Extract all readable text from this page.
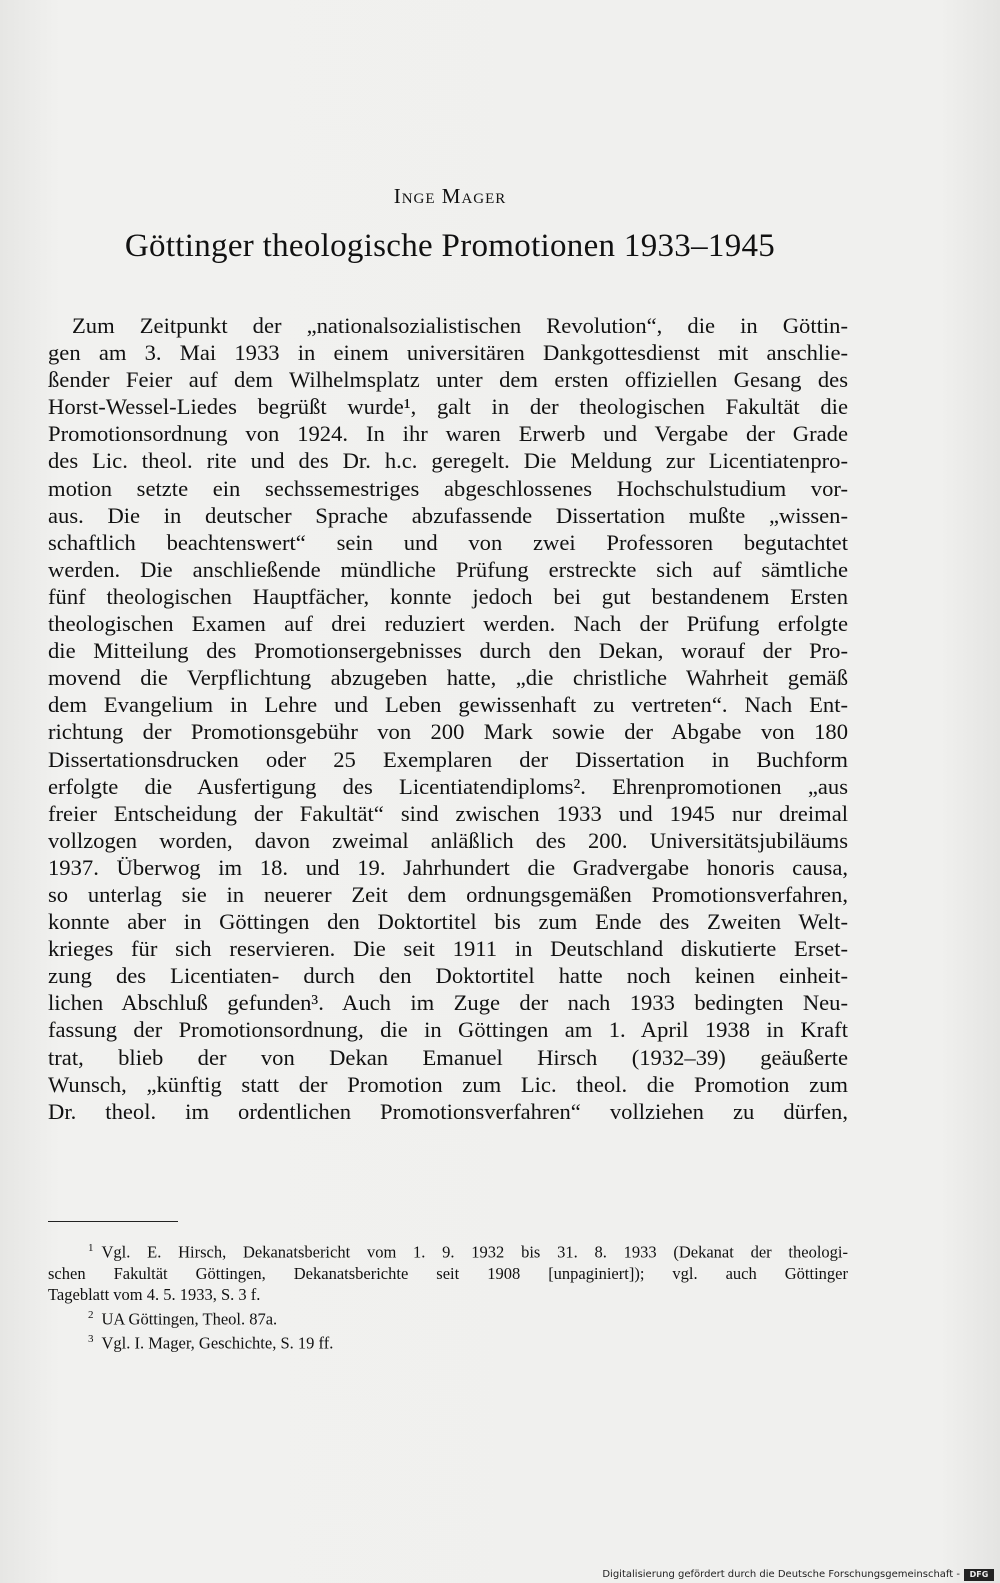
Inge Mager
Göttinger theologische Promotionen 1933–1945
Zum Zeitpunkt der „nationalsozialistischen Revolution“, die in Göttin-
gen am 3. Mai 1933 in einem universitären Dankgottesdienst mit anschlie-
ßender Feier auf dem Wilhelmsplatz unter dem ersten offiziellen Gesang des
Horst-Wessel-Liedes begrüßt wurde¹, galt in der theologischen Fakultät die
Promotionsordnung von 1924. In ihr waren Erwerb und Vergabe der Grade
des Lic. theol. rite und des Dr. h.c. geregelt. Die Meldung zur Licentiatenpro-
motion setzte ein sechssemestriges abgeschlossenes Hochschulstudium vor-
aus. Die in deutscher Sprache abzufassende Dissertation mußte „wissen-
schaftlich beachtenswert“ sein und von zwei Professoren begutachtet
werden. Die anschließende mündliche Prüfung erstreckte sich auf sämtliche
fünf theologischen Hauptfächer, konnte jedoch bei gut bestandenem Ersten
theologischen Examen auf drei reduziert werden. Nach der Prüfung erfolgte
die Mitteilung des Promotionsergebnisses durch den Dekan, worauf der Pro-
movend die Verpflichtung abzugeben hatte, „die christliche Wahrheit gemäß
dem Evangelium in Lehre und Leben gewissenhaft zu vertreten“. Nach Ent-
richtung der Promotionsgebühr von 200 Mark sowie der Abgabe von 180
Dissertationsdrucken oder 25 Exemplaren der Dissertation in Buchform
erfolgte die Ausfertigung des Licentiatendiploms². Ehrenpromotionen „aus
freier Entscheidung der Fakultät“ sind zwischen 1933 und 1945 nur dreimal
vollzogen worden, davon zweimal anläßlich des 200. Universitätsjubiläums
1937. Überwog im 18. und 19. Jahrhundert die Gradvergabe honoris causa,
so unterlag sie in neuerer Zeit dem ordnungsgemäßen Promotionsverfahren,
konnte aber in Göttingen den Doktortitel bis zum Ende des Zweiten Welt-
krieges für sich reservieren. Die seit 1911 in Deutschland diskutierte Erset-
zung des Licentiaten- durch den Doktortitel hatte noch keinen einheit-
lichen Abschluß gefunden³. Auch im Zuge der nach 1933 bedingten Neu-
fassung der Promotionsordnung, die in Göttingen am 1. April 1938 in Kraft
trat, blieb der von Dekan Emanuel Hirsch (1932–39) geäußerte
Wunsch, „künftig statt der Promotion zum Lic. theol. die Promotion zum
Dr. theol. im ordentlichen Promotionsverfahren“ vollziehen zu dürfen,
$^1$ Vgl. E. Hirsch, Dekanatsbericht vom 1. 9. 1932 bis 31. 8. 1933 (Dekanat der theologi-
schen Fakultät Göttingen, Dekanatsberichte seit 1908 [unpaginiert]); vgl. auch Göttinger
Tageblatt vom 4. 5. 1933, S. 3 f.
$^2$ UA Göttingen, Theol. 87a.
$^3$ Vgl. I. Mager, Geschichte, S. 19 ff.
Digitalisierung gefördert durch die Deutsche Forschungsgemeinschaft -	DFG
